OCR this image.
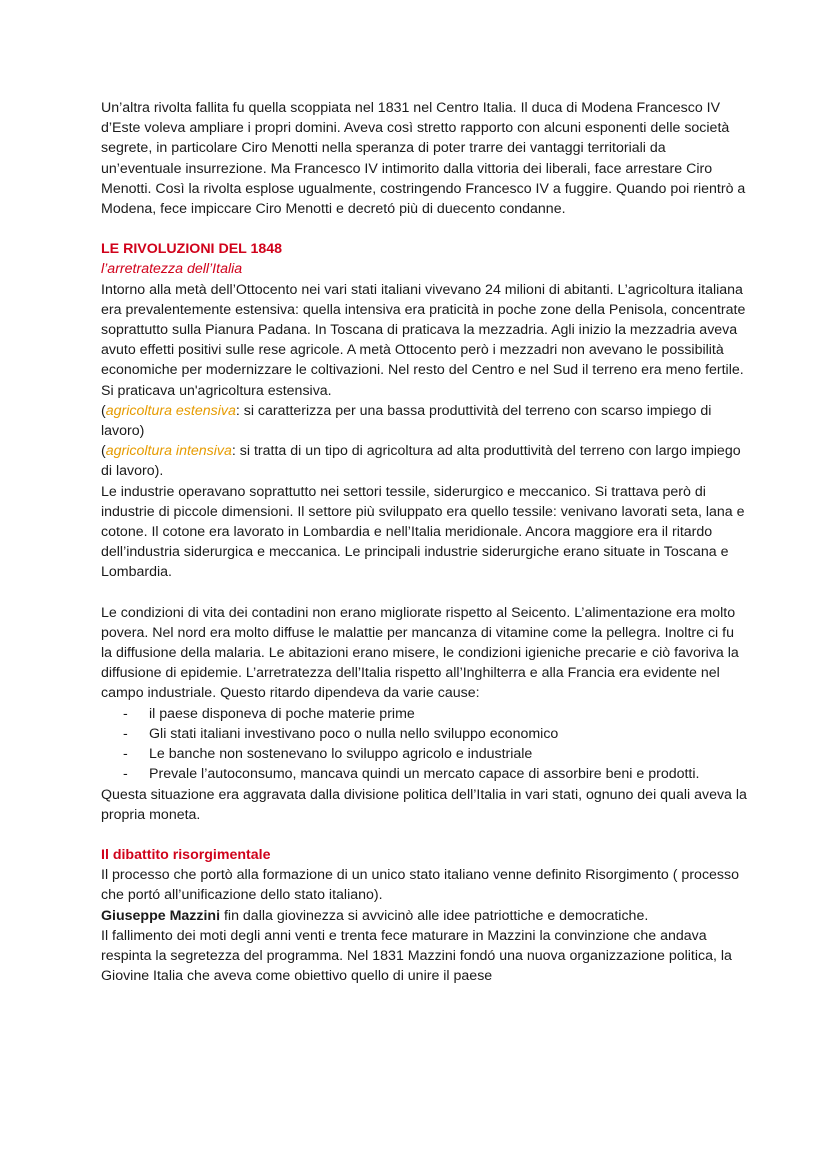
Un’altra rivolta fallita fu quella scoppiata nel 1831 nel Centro Italia. Il duca di Modena Francesco IV d’Este voleva ampliare i propri domini. Aveva così stretto rapporto con alcuni esponenti delle società segrete, in particolare Ciro Menotti nella speranza di poter trarre dei vantaggi territoriali da un’eventuale insurrezione. Ma Francesco IV intimorito dalla vittoria dei liberali, face arrestare Ciro Menotti. Così la rivolta esplose ugualmente, costringendo Francesco IV a fuggire. Quando poi rientrò a Modena, fece impiccare Ciro Menotti e decretó più di duecento condanne.

LE RIVOLUZIONI DEL 1848

l’arretratezza dell’Italia

Intorno alla metà dell’Ottocento nei vari stati italiani vivevano 24 milioni di abitanti. L’agricoltura italiana era prevalentemente estensiva: quella intensiva era praticità in poche zone della Penisola, concentrate soprattutto sulla Pianura Padana. In Toscana di praticava la mezzadria. Agli inizio la mezzadria aveva avuto effetti positivi sulle rese agricole. A metà Ottocento però i mezzadri non avevano le possibilità economiche per modernizzare le coltivazioni. Nel resto del Centro e nel Sud il terreno era meno fertile. Si praticava un'agricoltura estensiva.

(agricoltura estensiva: si caratterizza per una bassa produttività del terreno con scarso impiego di lavoro)

(agricoltura intensiva: si tratta di un tipo di agricoltura ad alta produttività del terreno con largo impiego di lavoro).

Le industrie operavano soprattutto nei settori tessile, siderurgico e meccanico. Si trattava però di industrie di piccole dimensioni. Il settore più sviluppato era quello tessile: venivano lavorati seta, lana e cotone. Il cotone era lavorato in Lombardia e nell’Italia meridionale. Ancora maggiore era il ritardo dell’industria siderurgica e meccanica. Le principali industrie siderurgiche erano situate in Toscana e Lombardia.

Le condizioni di vita dei contadini non erano migliorate rispetto al Seicento. L’alimentazione era molto povera. Nel nord era molto diffuse le malattie per mancanza di vitamine come la pellegra. Inoltre ci fu la diffusione della malaria. Le abitazioni erano misere, le condizioni igieniche precarie e ciò favoriva la diffusione di epidemie. L’arretratezza dell’Italia rispetto all’Inghilterra e alla Francia era evidente nel campo industriale. Questo ritardo dipendeva da varie cause:

- il paese disponeva di poche materie prime
- Gli stati italiani investivano poco o nulla nello sviluppo economico
- Le banche non sostenevano lo sviluppo agricolo e industriale
- Prevale l’autoconsumo, mancava quindi un mercato capace di assorbire beni e prodotti.

Questa situazione era aggravata dalla divisione politica dell’Italia in vari stati, ognuno dei quali aveva la propria moneta.

Il dibattito risorgimentale

Il processo che portò alla formazione di un unico stato italiano venne definito Risorgimento ( processo che portó all’unificazione dello stato italiano).

Giuseppe Mazzini fin dalla giovinezza si avvicinò alle idee patriottiche e democratiche.

Il fallimento dei moti degli anni venti e trenta fece maturare in Mazzini la convinzione che andava respinta la segretezza del programma. Nel 1831 Mazzini fondó una nuova organizzazione politica, la Giovine Italia che aveva come obiettivo quello di unire il paese
